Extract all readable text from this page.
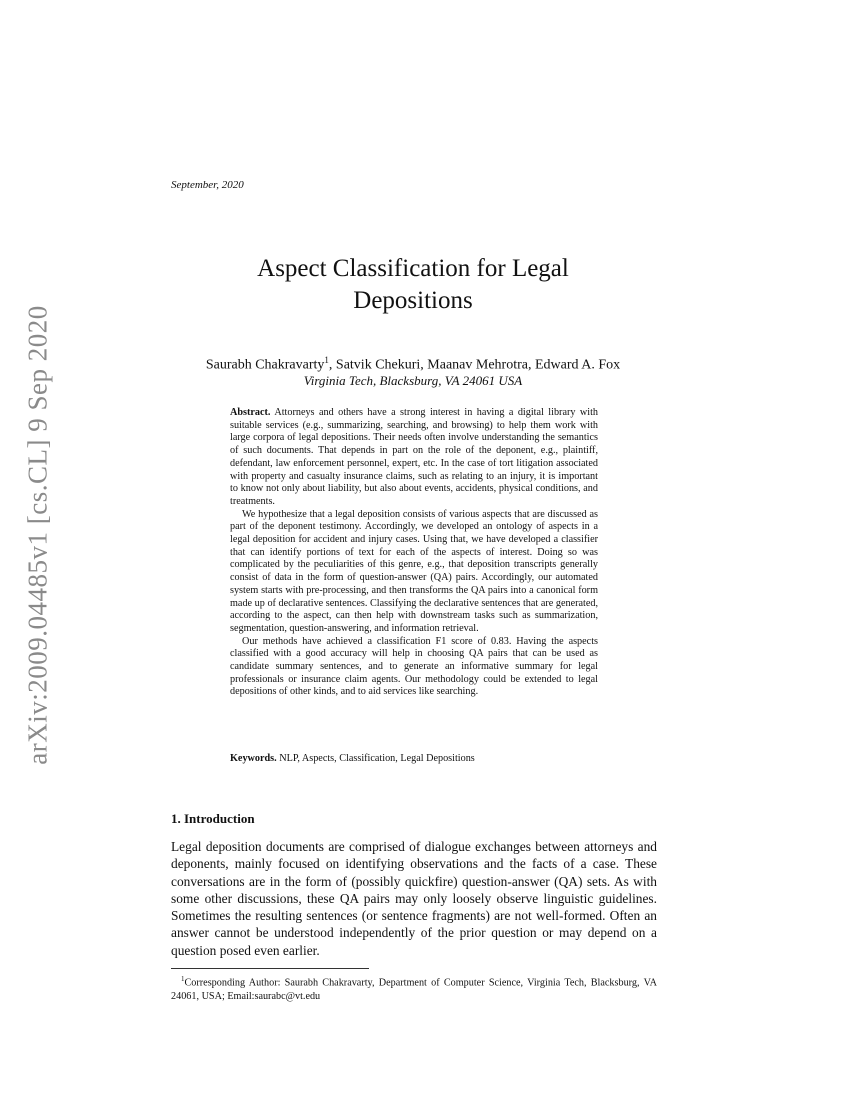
arXiv:2009.04485v1 [cs.CL] 9 Sep 2020
September, 2020
Aspect Classification for Legal Depositions
Saurabh Chakravarty$^1$, Satvik Chekuri, Maanav Mehrotra, Edward A. Fox
Virginia Tech, Blacksburg, VA 24061 USA

Abstract. Attorneys and others have a strong interest in having a digital library with suitable services (e.g., summarizing, searching, and browsing) to help them work with large corpora of legal depositions. Their needs often involve understanding the semantics of such documents. That depends in part on the role of the deponent, e.g., plaintiff, defendant, law enforcement personnel, expert, etc. In the case of tort litigation associated with property and casualty insurance claims, such as relating to an injury, it is important to know not only about liability, but also about events, accidents, physical conditions, and treatments.

We hypothesize that a legal deposition consists of various aspects that are discussed as part of the deponent testimony. Accordingly, we developed an ontology of aspects in a legal deposition for accident and injury cases. Using that, we have developed a classifier that can identify portions of text for each of the aspects of interest. Doing so was complicated by the peculiarities of this genre, e.g., that deposition transcripts generally consist of data in the form of question-answer (QA) pairs. Accordingly, our automated system starts with pre-processing, and then transforms the QA pairs into a canonical form made up of declarative sentences. Classifying the declarative sentences that are generated, according to the aspect, can then help with downstream tasks such as summarization, segmentation, question-answering, and information retrieval.

Our methods have achieved a classification F1 score of 0.83. Having the aspects classified with a good accuracy will help in choosing QA pairs that can be used as candidate summary sentences, and to generate an informative summary for legal professionals or insurance claim agents. Our methodology could be extended to legal depositions of other kinds, and to aid services like searching.

Keywords. NLP, Aspects, Classification, Legal Depositions
1. Introduction

Legal deposition documents are comprised of dialogue exchanges between attorneys and deponents, mainly focused on identifying observations and the facts of a case. These conversations are in the form of (possibly quickfire) question-answer (QA) sets. As with some other discussions, these QA pairs may only loosely observe linguistic guidelines. Sometimes the resulting sentences (or sentence fragments) are not well-formed. Often an answer cannot be understood independently of the prior question or may depend on a question posed even earlier.

$^1$Corresponding Author: Saurabh Chakravarty, Department of Computer Science, Virginia Tech, Blacksburg, VA 24061, USA; Email:saurabc@vt.edu
